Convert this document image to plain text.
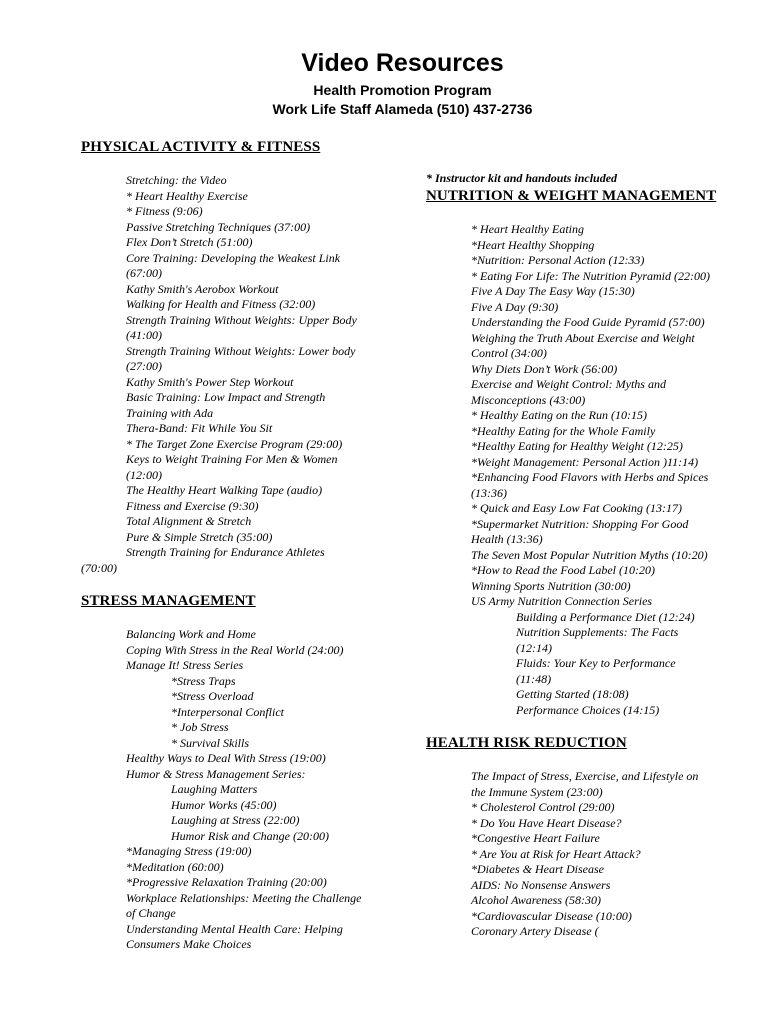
Video Resources
Health Promotion Program
Work Life Staff Alameda (510) 437-2736
PHYSICAL ACTIVITY & FITNESS
Stretching: the Video
* Heart Healthy Exercise
* Fitness (9:06)
Passive Stretching Techniques (37:00)
Flex Don’t Stretch (51:00)
Core Training: Developing the Weakest Link
(67:00)
Kathy Smith's Aerobox Workout
Walking for Health and Fitness (32:00)
Strength Training Without Weights: Upper Body
(41:00)
Strength Training Without Weights: Lower body
(27:00)
Kathy Smith's Power Step Workout
Basic Training: Low Impact and Strength
Training with Ada
Thera-Band: Fit While You Sit
* The Target Zone Exercise Program (29:00)
Keys to Weight Training For Men & Women
(12:00)
The Healthy Heart Walking Tape (audio)
Fitness and Exercise (9:30)
Total Alignment & Stretch
Pure & Simple Stretch (35:00)
Strength Training for Endurance Athletes
(70:00)
STRESS MANAGEMENT
Balancing Work and Home
Coping With Stress in the Real World (24:00)
Manage It! Stress Series
*Stress Traps
*Stress Overload
*Interpersonal Conflict
* Job Stress
* Survival Skills
Healthy Ways to Deal With Stress (19:00)
Humor & Stress Management Series:
Laughing Matters
Humor Works (45:00)
Laughing at Stress (22:00)
Humor Risk and Change (20:00)
*Managing Stress (19:00)
*Meditation (60:00)
*Progressive Relaxation Training (20:00)
Workplace Relationships: Meeting the Challenge
of Change
Understanding Mental Health Care: Helping
Consumers Make Choices
* Instructor kit and handouts included
NUTRITION & WEIGHT MANAGEMENT
* Heart Healthy Eating
*Heart Healthy Shopping
*Nutrition: Personal Action (12:33)
* Eating For Life: The Nutrition Pyramid (22:00)
Five A Day The Easy Way (15:30)
Five A Day (9:30)
Understanding the Food Guide Pyramid (57:00)
Weighing the Truth About Exercise and Weight
Control (34:00)
Why Diets Don’t Work (56:00)
Exercise and Weight Control: Myths and
Misconceptions (43:00)
* Healthy Eating on the Run (10:15)
*Healthy Eating for the Whole Family
*Healthy Eating for Healthy Weight (12:25)
*Weight Management: Personal Action )11:14)
*Enhancing Food Flavors with Herbs and Spices
(13:36)
* Quick and Easy Low Fat Cooking (13:17)
*Supermarket Nutrition: Shopping For Good
Health (13:36)
The Seven Most Popular Nutrition Myths (10:20)
*How to Read the Food Label (10:20)
Winning Sports Nutrition (30:00)
US Army Nutrition Connection Series
Building a Performance Diet (12:24)
Nutrition Supplements: The Facts
(12:14)
Fluids: Your Key to Performance
(11:48)
Getting Started (18:08)
Performance Choices (14:15)
HEALTH RISK REDUCTION
The Impact of Stress, Exercise, and Lifestyle on
the Immune System (23:00)
* Cholesterol Control (29:00)
* Do You Have Heart Disease?
*Congestive Heart Failure
* Are You at Risk for Heart Attack?
*Diabetes & Heart Disease
AIDS: No Nonsense Answers
Alcohol Awareness (58:30)
*Cardiovascular Disease (10:00)
Coronary Artery Disease (
